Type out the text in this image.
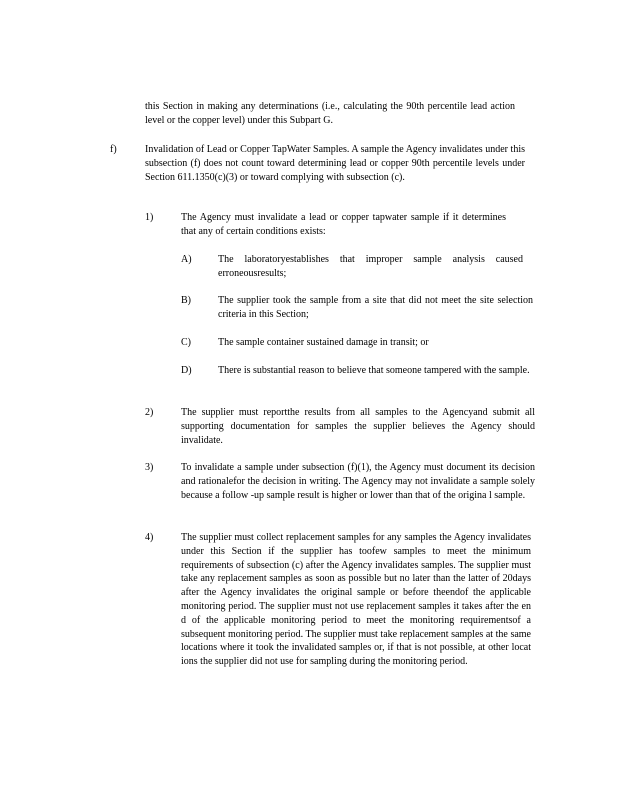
this Section in making any determinations (i.e., calculating the 90th percentile lead action level or the copper level) under this Subpart G.

f)	Invalidation of Lead or Copper TapWater Samples. A sample the Agency invalidates under this subsection (f) does not count toward determining lead or copper 90th percentile levels under Section 611.1350(c)(3) or toward complying with subsection (c).

1)	The Agency must invalidate a lead or copper tapwater sample if it determines that any of certain conditions exists:

A)	The laboratoryestablishes that improper sample analysis caused erroneousresults;

B)	The supplier took the sample from a site that did not meet the site selection criteria in this Section;

C)	The sample container sustained damage in transit; or

D)	There is substantial reason to believe that someone tampered with the sample.

2)	The supplier must reportthe results from all samples to the Agencyand submit all supporting documentation for samples the supplier believes the Agency should invalidate.

3)	To invalidate a sample under subsection (f)(1), the Agency must document its decision and rationalefor the decision in writing. The Agency may not invalidate a sample solely because a follow -up sample result is higher or lower than that of the origina l sample.

4)	The supplier must collect replacement samples for any samples the Agency invalidates under this Section if the supplier has toofew samples to meet the minimum requirements of subsection (c) after the Agency invalidates samples. The supplier must take any replacement samples as soon as possible but no later than the latter of 20days after the Agency invalidates the original sample or before theendof the applicable monitoring period. The supplier must not use replacement samples it takes after the en d of the applicable monitoring period to meet the monitoring requirementsof a subsequent monitoring period. The supplier must take replacement samples at the same locations where it took the invalidated samples or, if that is not possible, at other locat ions the supplier did not use for sampling during the monitoring period.
